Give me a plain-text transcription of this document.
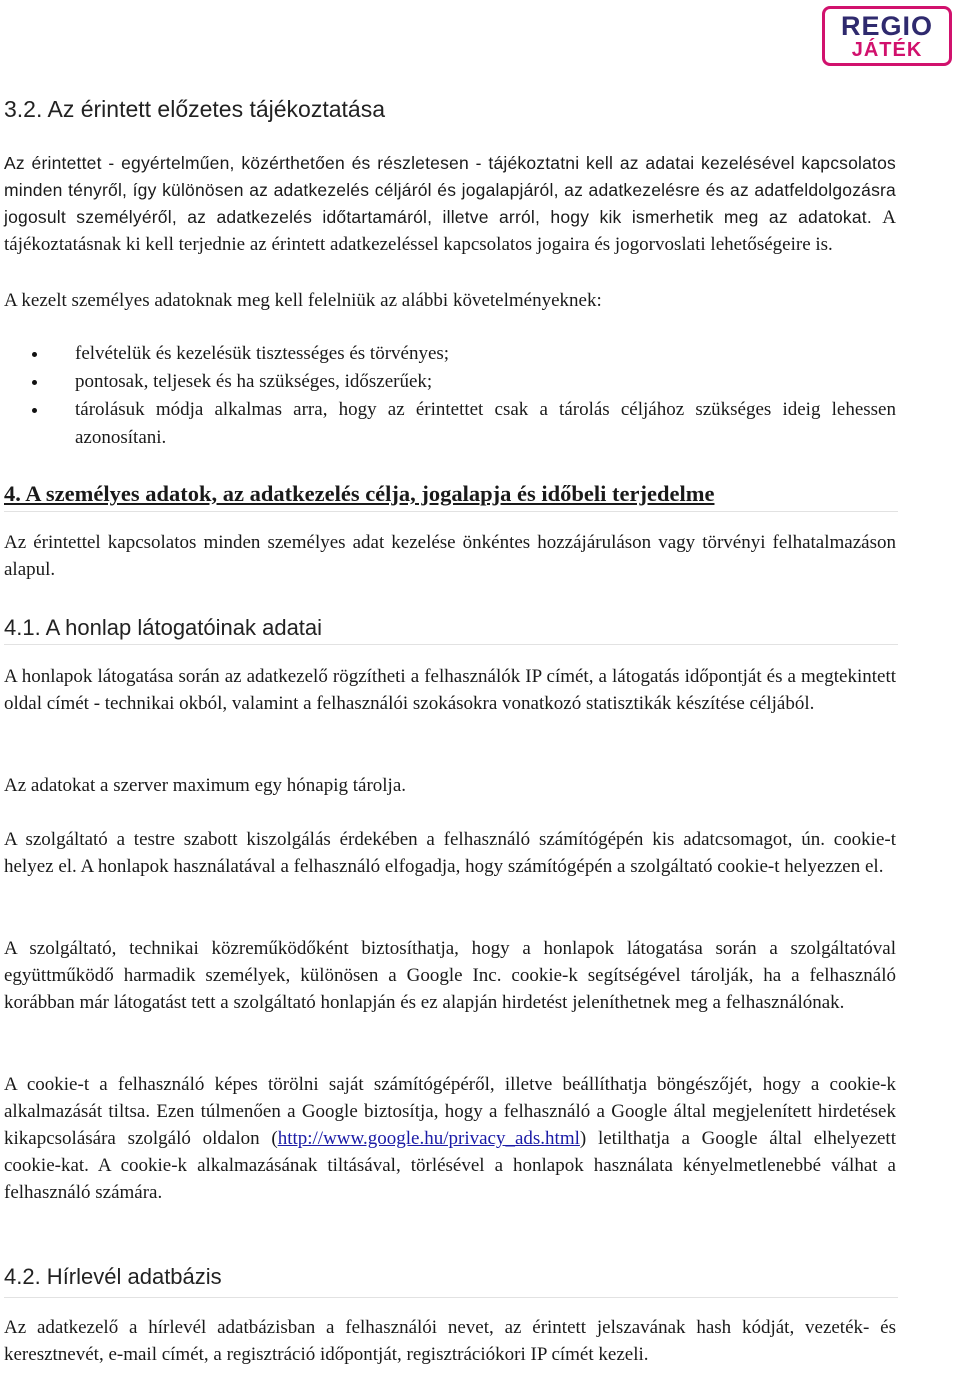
REGIO
JÁTÉK
3.2. Az érintett előzetes tájékoztatása

Az érintettet - egyértelműen, közérthetően és részletesen - tájékoztatni kell az adatai kezelésével kapcsolatos minden tényről, így különösen az adatkezelés céljáról és jogalapjáról, az adatkezelésre és az adatfeldolgozásra jogosult személyéről, az adatkezelés időtartamáról, illetve arról, hogy kik ismerhetik meg az adatokat. A tájékoztatásnak ki kell terjednie az érintett adatkezeléssel kapcsolatos jogaira és jogorvoslati lehetőségeire is.

A kezelt személyes adatoknak meg kell felelniük az alábbi követelményeknek:

felvételük és kezelésük tisztességes és törvényes;
pontosak, teljesek és ha szükséges, időszerűek;
tárolásuk módja alkalmas arra, hogy az érintettet csak a tárolás céljához szükséges ideig lehessen azonosítani.
4. A személyes adatok, az adatkezelés célja, jogalapja és időbeli terjedelme

Az érintettel kapcsolatos minden személyes adat kezelése önkéntes hozzájáruláson vagy törvényi felhatalmazáson alapul.

4.1. A honlap látogatóinak adatai

A honlapok látogatása során az adatkezelő rögzítheti a felhasználók IP címét, a látogatás időpontját és a megtekintett oldal címét - technikai okból, valamint a felhasználói szokásokra vonatkozó statisztikák készítése céljából.

Az adatokat a szerver maximum egy hónapig tárolja.

A szolgáltató a testre szabott kiszolgálás érdekében a felhasználó számítógépén kis adatcsomagot, ún. cookie-t helyez el. A honlapok használatával a felhasználó elfogadja, hogy számítógépén a szolgáltató cookie-t helyezzen el.

A szolgáltató, technikai közreműködőként biztosíthatja, hogy a honlapok látogatása során a szolgáltatóval együttműködő harmadik személyek, különösen a Google Inc. cookie-k segítségével tárolják, ha a felhasználó korábban már látogatást tett a szolgáltató honlapján és ez alapján hirdetést jeleníthetnek meg a felhasználónak.

A cookie-t a felhasználó képes törölni saját számítógépéről, illetve beállíthatja böngészőjét, hogy a cookie-k alkalmazását tiltsa. Ezen túlmenően a Google biztosítja, hogy a felhasználó a Google által megjelenített hirdetések kikapcsolására szolgáló oldalon (http://www.google.hu/privacy_ads.html) letilthatja a Google által elhelyezett cookie-kat. A cookie-k alkalmazásának tiltásával, törlésével a honlapok használata kényelmetlenebbé válhat a felhasználó számára.

4.2. Hírlevél adatbázis

Az adatkezelő a hírlevél adatbázisban a felhasználói nevet, az érintett jelszavának hash kódját, vezeték- és keresztnevét, e-mail címét, a regisztráció időpontját, regisztrációkori IP címét kezeli.
